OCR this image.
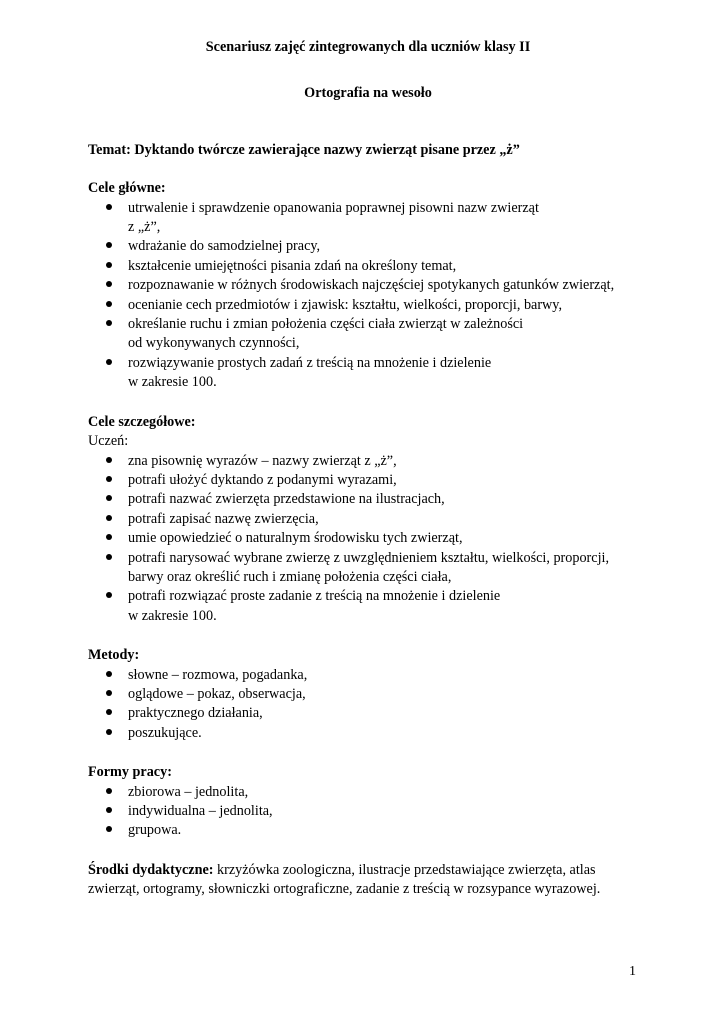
Scenariusz zajęć zintegrowanych dla uczniów klasy II

Ortografia na wesoło

Temat: Dyktando twórcze zawierające nazwy zwierząt pisane przez „ż”

Cele główne:

utrwalenie i sprawdzenie opanowania poprawnej pisowni nazw zwierząt
z „ż”,
wdrażanie do samodzielnej pracy,
kształcenie umiejętności pisania zdań na określony temat,
rozpoznawanie w różnych środowiskach najczęściej spotykanych gatunków zwierząt,
ocenianie cech przedmiotów i zjawisk: kształtu, wielkości, proporcji, barwy,
określanie ruchu i zmian położenia części ciała zwierząt w zależności
od wykonywanych czynności,
rozwiązywanie prostych zadań z treścią na mnożenie i dzielenie
w zakresie 100.

Cele szczegółowe:

Uczeń:

zna pisownię wyrazów – nazwy zwierząt z „ż”,
potrafi ułożyć dyktando z podanymi wyrazami,
potrafi nazwać zwierzęta przedstawione na ilustracjach,
potrafi zapisać nazwę zwierzęcia,
umie opowiedzieć o naturalnym środowisku tych zwierząt,
potrafi narysować wybrane zwierzę z uwzględnieniem kształtu, wielkości, proporcji,
barwy oraz określić ruch i zmianę położenia części ciała,
potrafi rozwiązać proste zadanie z treścią na mnożenie i dzielenie
w zakresie 100.

Metody:

słowne – rozmowa, pogadanka,
oglądowe – pokaz, obserwacja,
praktycznego działania,
poszukujące.

Formy pracy:

zbiorowa – jednolita,
indywidualna – jednolita,
grupowa.

Środki dydaktyczne: krzyżówka zoologiczna, ilustracje przedstawiające zwierzęta, atlas zwierząt, ortogramy, słowniczki ortograficzne, zadanie z treścią w rozsypance wyrazowej.

1
